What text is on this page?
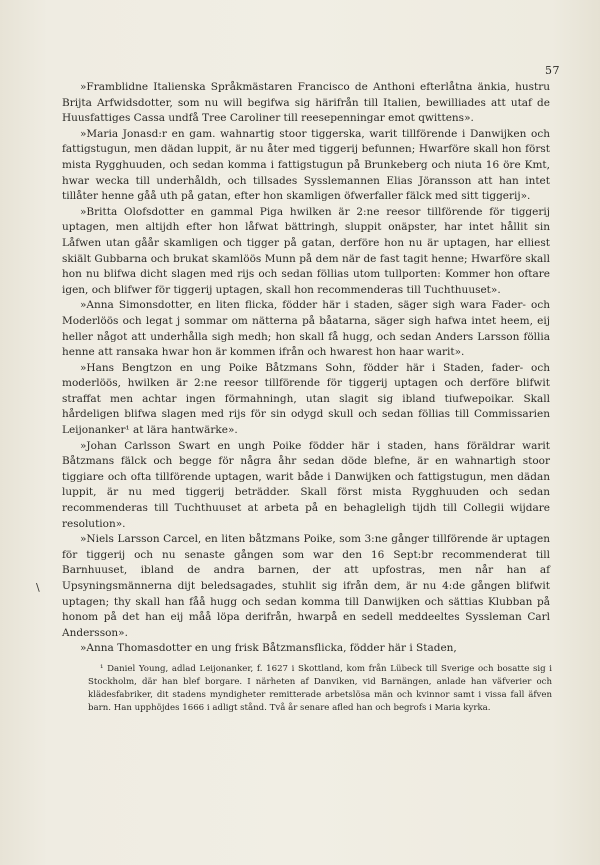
57
\

»Framblidne Italienska Språkmästaren Francisco de Anthoni efterlåtna änkia, hustru Brijta Arfwidsdotter, som nu will begifwa sig härifrån till Italien, bewilliades att utaf de Huusfattiges Cassa undfå Tree Caroliner till reesepenningar emot qwittens».

»Maria Jonasd:r en gam. wahnartig stoor tiggerska, warit tillförende i Danwijken och fattigstugun, men dädan luppit, är nu åter med tiggerij befunnen; Hwarföre skall hon först mista Rygghuuden, och sedan komma i fattigstugun på Brunkeberg och niuta 16 öre Kmt, hwar wecka till underhåldh, och tillsades Sysslemannen Elias Jöransson att han intet tillåter henne gåå uth på gatan, efter hon skamligen öfwerfaller fälck med sitt tiggerij».

»Britta Olofsdotter en gammal Piga hwilken är 2:ne reesor tillförende för tiggerij uptagen, men altijdh efter hon låfwat bättringh, sluppit onäpster, har intet hållit sin Låfwen utan gåår skamligen och tigger på gatan, derföre hon nu är uptagen, har elliest skiält Gubbarna och brukat skamlöös Munn på dem när de fast tagit henne; Hwarföre skall hon nu blifwa dicht slagen med rijs och sedan föllias utom tullporten: Kommer hon oftare igen, och blifwer för tiggerij uptagen, skall hon recommenderas till Tuchthuuset».

»Anna Simonsdotter, en liten flicka, födder här i staden, säger sigh wara Fader- och Moderlöös och legat j sommar om nätterna på båatarna, säger sigh hafwa intet heem, eij heller något att underhålla sigh medh; hon skall få hugg, och sedan Anders Larsson föllia henne att ransaka hwar hon är kommen ifrån och hwarest hon haar warit».

»Hans Bengtzon en ung Poike Båtzmans Sohn, födder här i Staden, fader- och moderlöös, hwilken är 2:ne reesor tillförende för tiggerij uptagen och derföre blifwit straffat men achtar ingen förmahningh, utan slagit sig ibland tiufwepoikar. Skall hårdeligen blifwa slagen med rijs för sin odygd skull och sedan föllias till Commissarien Leijonanker¹ at lära hantwärke».

»Johan Carlsson Swart en ungh Poike födder här i staden, hans föräldrar warit Båtzmans fälck och begge för några åhr sedan döde blefne, är en wahnartigh stoor tiggiare och ofta tillförende uptagen, warit både i Danwijken och fattigstugun, men dädan luppit, är nu med tiggerij beträdder. Skall först mista Rygghuuden och sedan recommenderas till Tuchthuuset at arbeta på en behagleligh tijdh till Collegii wijdare resolution».

»Niels Larsson Carcel, en liten båtzmans Poike, som 3:ne gånger tillförende är uptagen för tiggerij och nu senaste gången som war den 16 Sept:br recommenderat till Barnhuuset, ibland de andra barnen, der att upfostras, men når han af Upsyningsmännerna dijt beledsagades, stuhlit sig ifrån dem, är nu 4:de gången blifwit uptagen; thy skall han fåå hugg och sedan komma till Danwijken och sättias Klubban på honom på det han eij måå löpa derifrån, hwarpå en sedell meddeeltes Syssleman Carl Andersson».

»Anna Thomasdotter en ung frisk Båtzmansflicka, födder här i Staden,

¹ Daniel Young, adlad Leijonanker, f. 1627 i Skottland, kom från Lübeck till Sverige och bosatte sig i Stockholm, där han blef borgare. I närheten af Danviken, vid Barnängen, anlade han väfverier och klädesfabriker, dit stadens myndigheter remitterade arbetslösa män och kvinnor samt i vissa fall äfven barn. Han upphöjdes 1666 i adligt stånd. Två år senare afled han och begrofs i Maria kyrka.
